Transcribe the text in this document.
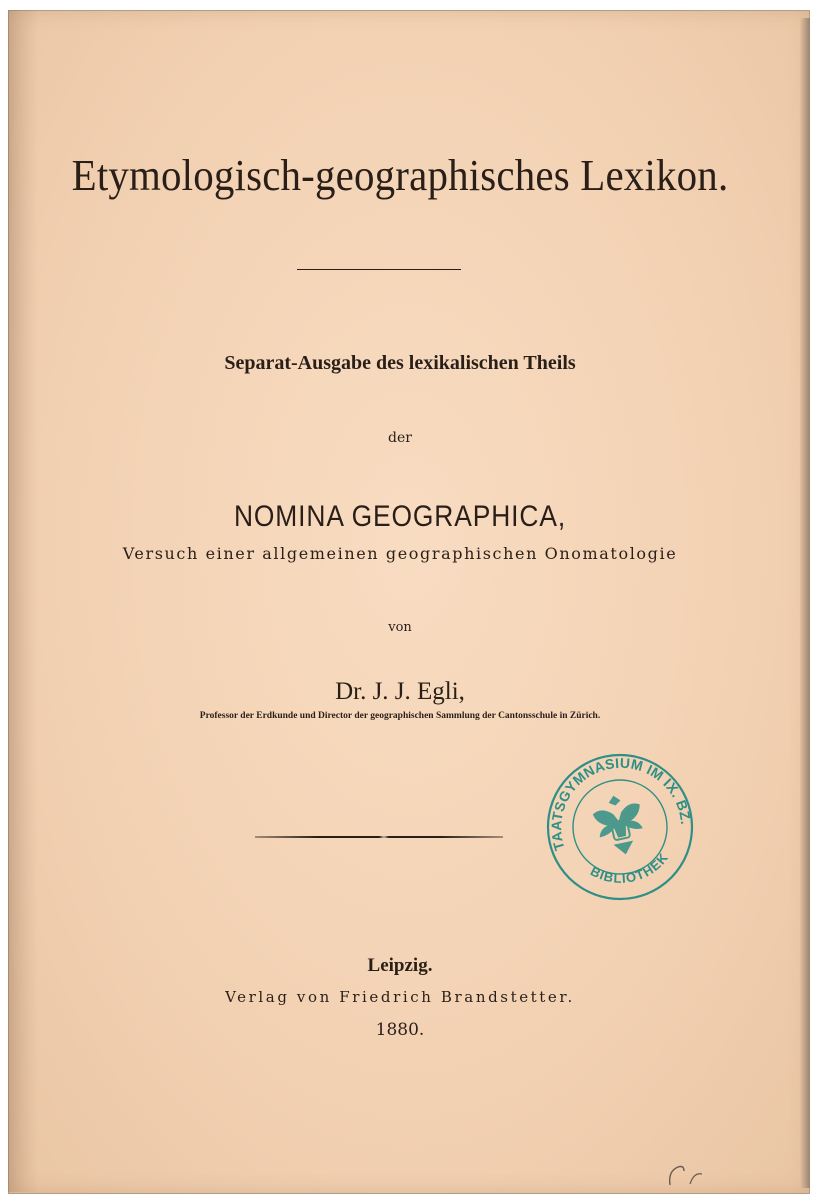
Etymologisch-geographisches Lexikon.
Separat-Ausgabe des lexikalischen Theils
der
NOMINA GEOGRAPHICA,
Versuch einer allgemeinen geographischen Onomatologie
von
Dr. J. J. Egli,
Professor der Erdkunde und Director der geographischen Sammlung der Cantonsschule in Zürich.
STAATSGYMNASIUM IM IX. BZ.
BIBLIOTHEK
Leipzig.
Verlag von Friedrich Brandstetter.
1880.
